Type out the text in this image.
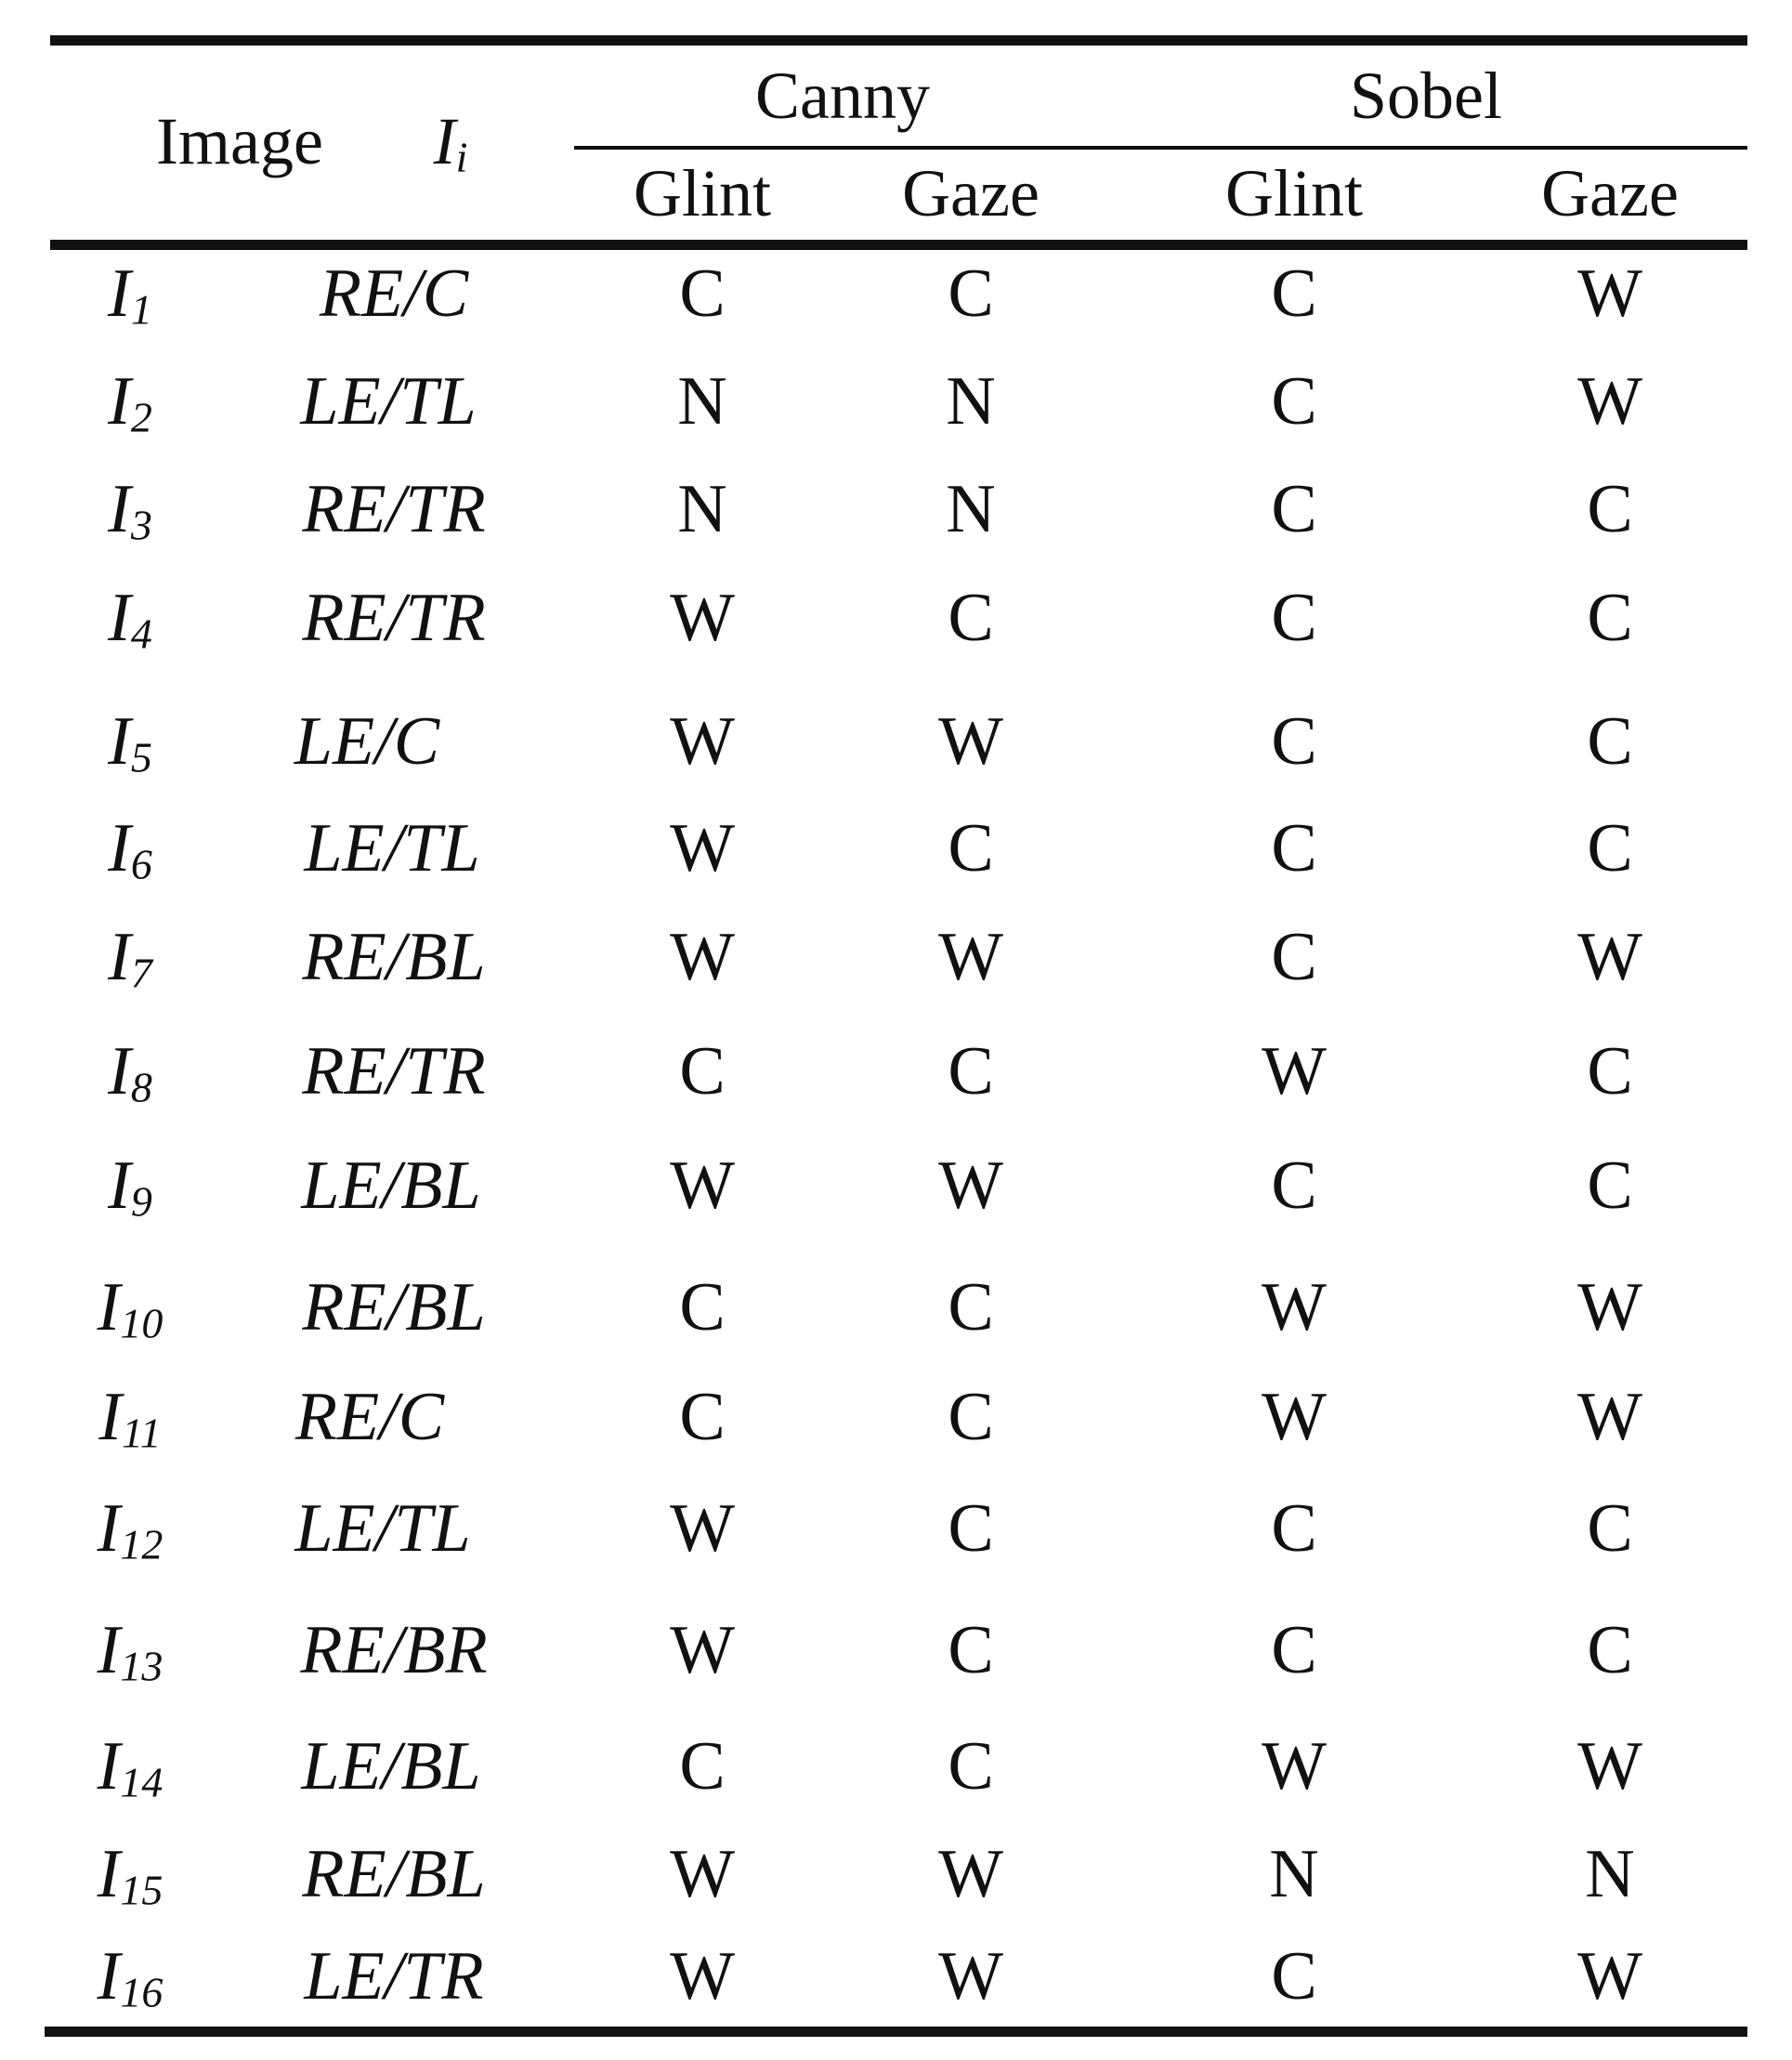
Image Ii
Canny	Sobel
Glint Gaze	Glint	Gaze
I1 RE/C	C	C	C	W
I2 LE/TL	N	N	C	W
I3 RE/TR	N	N	C	C
I4 RE/TR	W	C	C	C
I5 LE/C	W	W	C	C
I6 LE/TL	W	C	C	C
I7 RE/BL	W	W	C	W
I8 RE/TR	C	C	W	C
I9 LE/BL	W	W	C	C
I10 RE/BL	C	C	W	W
I11 RE/C	C	C	W	W
I12 LE/TL	W	C	C	C
I13 RE/BR	W	C	C	C
I14 LE/BL	C	C	W	W
I15 RE/BL	W	W	N	N
I16 LE/TR	W	W	C	W
